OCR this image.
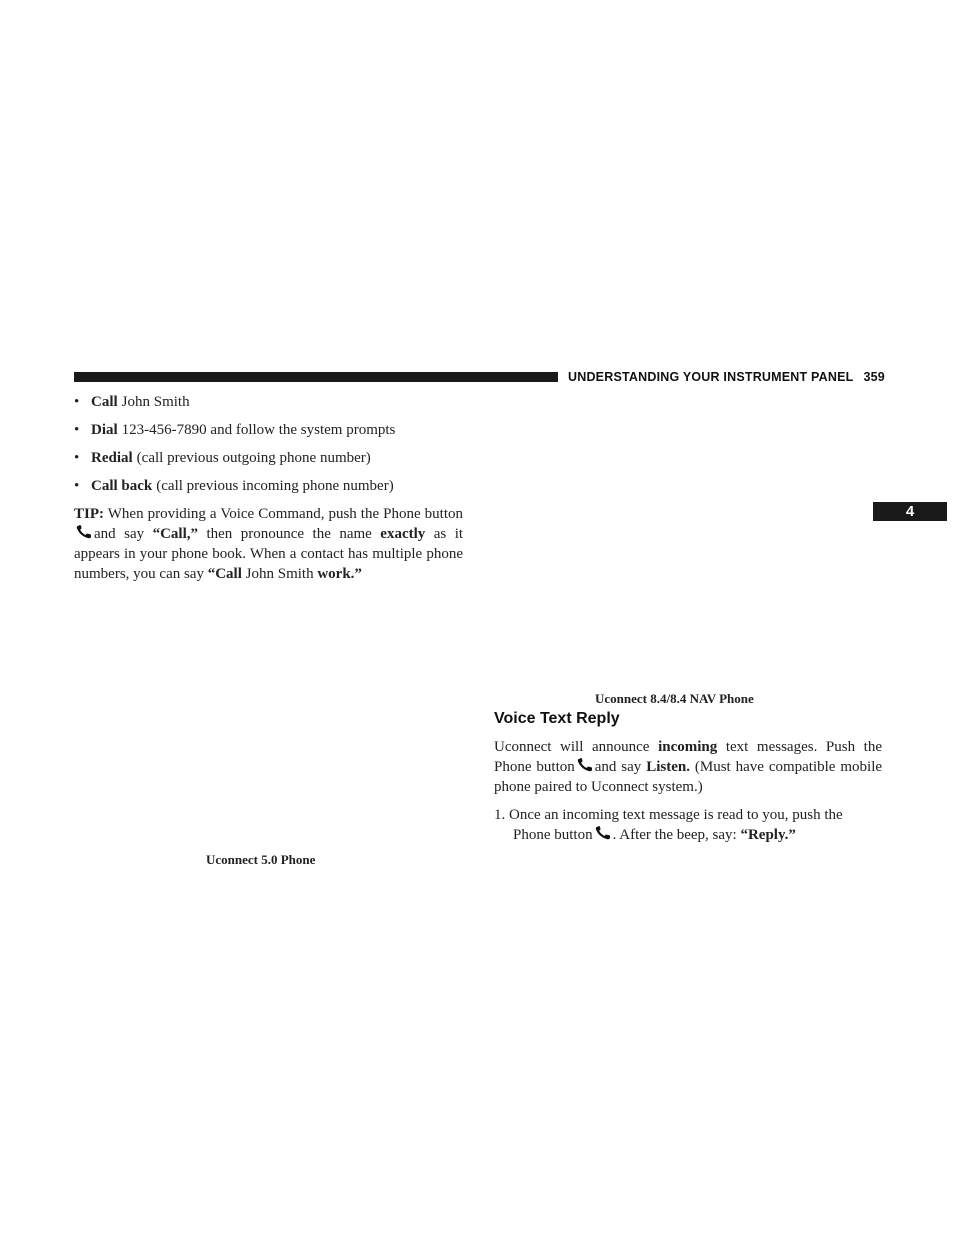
UNDERSTANDING YOUR INSTRUMENT PANEL 359
4
• Call John Smith
• Dial 123-456-7890 and follow the system prompts
• Redial (call previous outgoing phone number)
• Call back (call previous incoming phone number)

TIP: When providing a Voice Command, push the Phone buttonand say “Call,” then pronounce the name exactly as it appears in your phone book. When a contact has multiple phone numbers, you can say “Call John Smith work.”

Uconnect 5.0 Phone
Uconnect 8.4/8.4 NAV Phone
Voice Text Reply

Uconnect will announce incoming text messages. Push the Phone button and say Listen. (Must have compatible mobile phone paired to Uconnect system.)

1. Once an incoming text message is read to you, push the
Phone button . After the beep, say: “Reply.”
